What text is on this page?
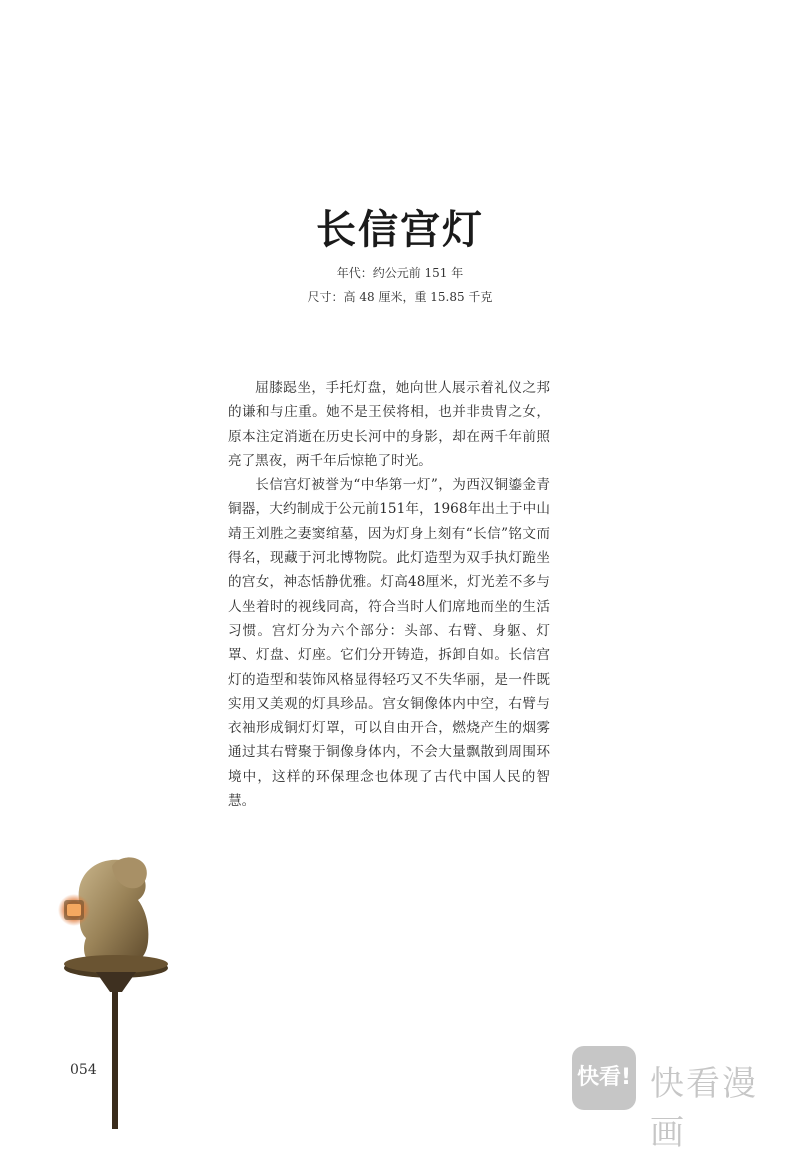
长信宫灯
年代：约公元前 151 年
尺寸：高 48 厘米，重 15.85 千克

屈膝跽坐，手托灯盘，她向世人展示着礼仪之邦的谦和与庄重。她不是王侯将相，也并非贵胄之女，原本注定消逝在历史长河中的身影，却在两千年前照亮了黑夜，两千年后惊艳了时光。

长信宫灯被誉为“中华第一灯”，为西汉铜鎏金青铜器，大约制成于公元前151年，1968年出土于中山靖王刘胜之妻窦绾墓，因为灯身上刻有“长信”铭文而得名，现藏于河北博物院。此灯造型为双手执灯跪坐的宫女，神态恬静优雅。灯高48厘米，灯光差不多与人坐着时的视线同高，符合当时人们席地而坐的生活习惯。宫灯分为六个部分：头部、右臂、身躯、灯罩、灯盘、灯座。它们分开铸造，拆卸自如。长信宫灯的造型和装饰风格显得轻巧又不失华丽，是一件既实用又美观的灯具珍品。宫女铜像体内中空，右臂与衣袖形成铜灯灯罩，可以自由开合，燃烧产生的烟雾通过其右臂聚于铜像身体内，不会大量飘散到周围环境中，这样的环保理念也体现了古代中国人民的智慧。

054	快看! 快看漫画
